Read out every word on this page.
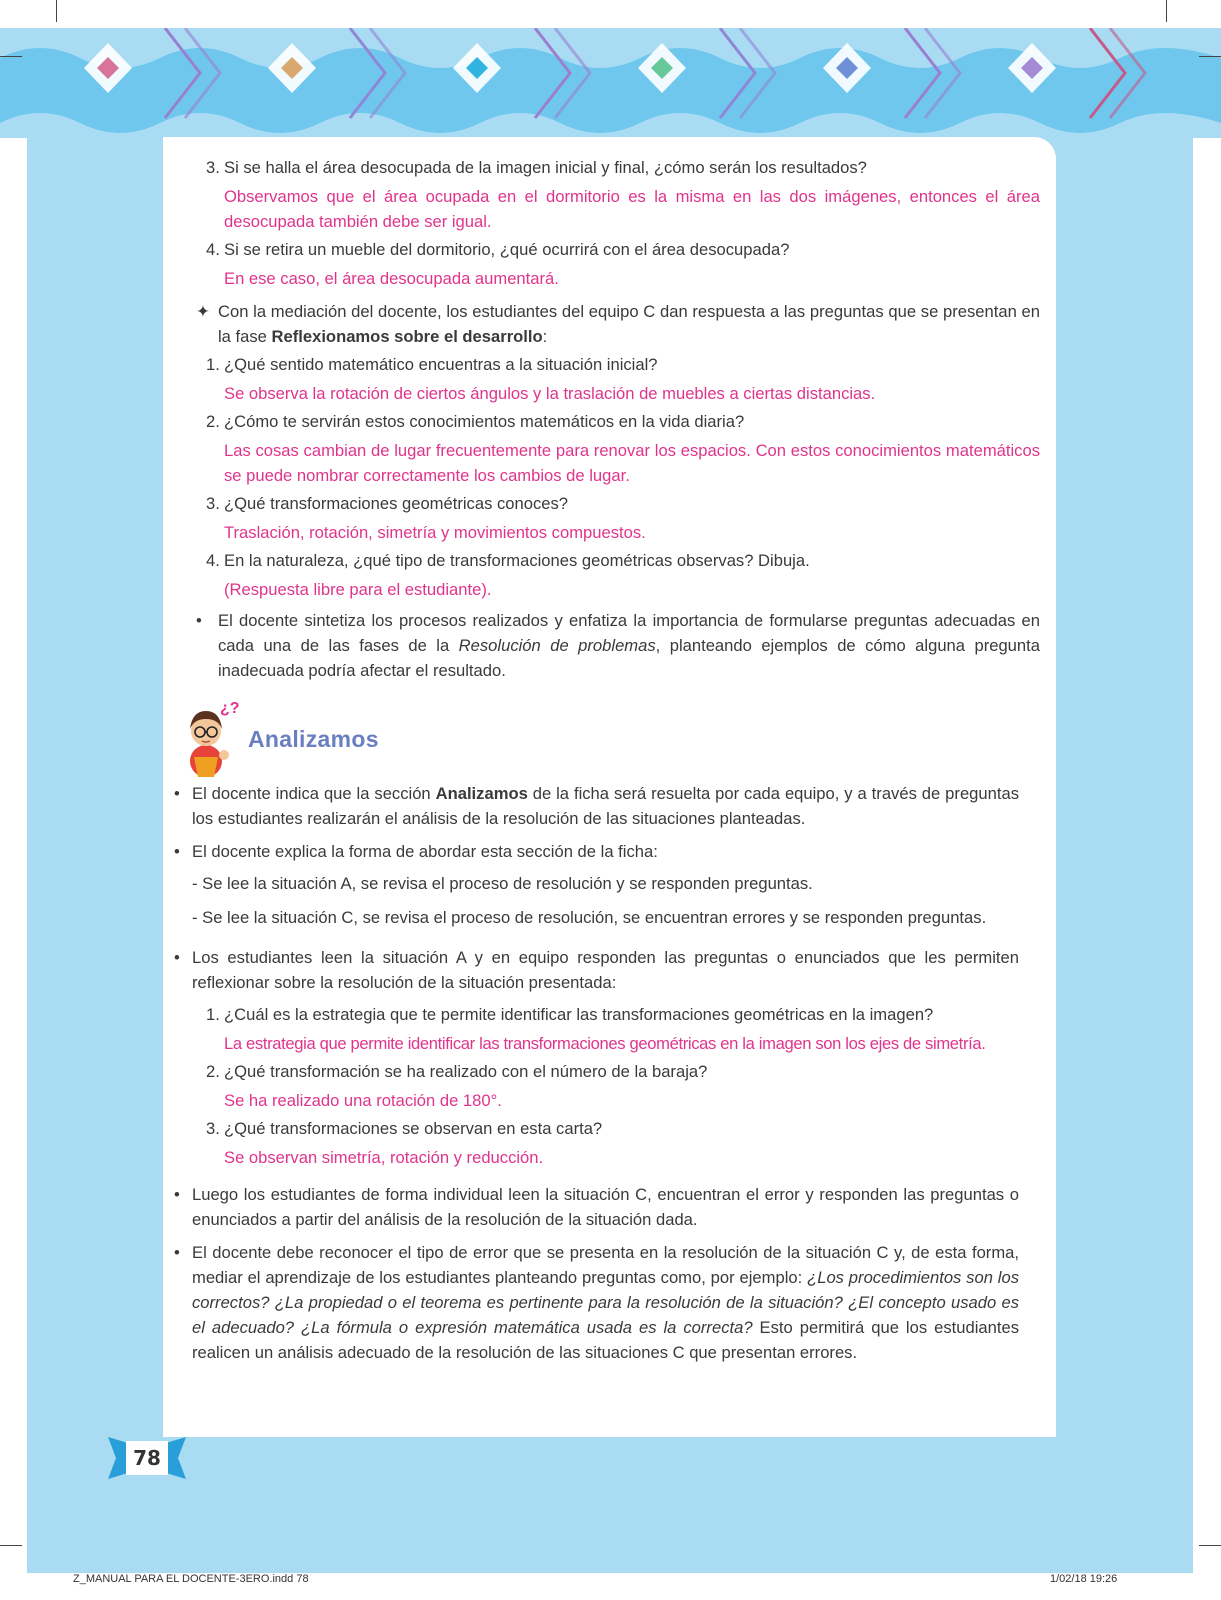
3. Si se halla el área desocupada de la imagen inicial y final, ¿cómo serán los resultados?
Observamos que el área ocupada en el dormitorio es la misma en las dos imágenes, entonces el área desocupada también debe ser igual.
4. Si se retira un mueble del dormitorio, ¿qué ocurrirá con el área desocupada?
En ese caso, el área desocupada aumentará.
✦ Con la mediación del docente, los estudiantes del equipo C dan respuesta a las preguntas que se presentan en la fase Reflexionamos sobre el desarrollo:
1. ¿Qué sentido matemático encuentras a la situación inicial?
Se observa la rotación de ciertos ángulos y la traslación de muebles a ciertas distancias.
2. ¿Cómo te servirán estos conocimientos matemáticos en la vida diaria?
Las cosas cambian de lugar frecuentemente para renovar los espacios. Con estos conocimientos matemáticos se puede nombrar correctamente los cambios de lugar.
3. ¿Qué transformaciones geométricas conoces?
Traslación, rotación, simetría y movimientos compuestos.
4. En la naturaleza, ¿qué tipo de transformaciones geométricas observas? Dibuja.
(Respuesta libre para el estudiante).
• El docente sintetiza los procesos realizados y enfatiza la importancia de formularse preguntas adecuadas en cada una de las fases de la Resolución de problemas, planteando ejemplos de cómo alguna pregunta inadecuada podría afectar el resultado.
¿?
Analizamos
• El docente indica que la sección Analizamos de la ficha será resuelta por cada equipo, y a través de preguntas los estudiantes realizarán el análisis de la resolución de las situaciones planteadas.
• El docente explica la forma de abordar esta sección de la ficha:
- Se lee la situación A, se revisa el proceso de resolución y se responden preguntas.
- Se lee la situación C, se revisa el proceso de resolución, se encuentran errores y se responden preguntas.
• Los estudiantes leen la situación A y en equipo responden las preguntas o enunciados que les permiten reflexionar sobre la resolución de la situación presentada:
1. ¿Cuál es la estrategia que te permite identificar las transformaciones geométricas en la imagen?
La estrategia que permite identificar las transformaciones geométricas en la imagen son los ejes de simetría.
2. ¿Qué transformación se ha realizado con el número de la baraja?
Se ha realizado una rotación de 180°.
3. ¿Qué transformaciones se observan en esta carta?
Se observan simetría, rotación y reducción.
• Luego los estudiantes de forma individual leen la situación C, encuentran el error y responden las preguntas o enunciados a partir del análisis de la resolución de la situación dada.
• El docente debe reconocer el tipo de error que se presenta en la resolución de la situación C y, de esta forma, mediar el aprendizaje de los estudiantes planteando preguntas como, por ejemplo: ¿Los procedimientos son los correctos? ¿La propiedad o el teorema es pertinente para la resolución de la situación? ¿El concepto usado es el adecuado? ¿La fórmula o expresión matemática usada es la correcta? Esto permitirá que los estudiantes realicen un análisis adecuado de la resolución de las situaciones C que presentan errores.
78
Z_MANUAL PARA EL DOCENTE-3ERO.indd 78	1/02/18 19:26
